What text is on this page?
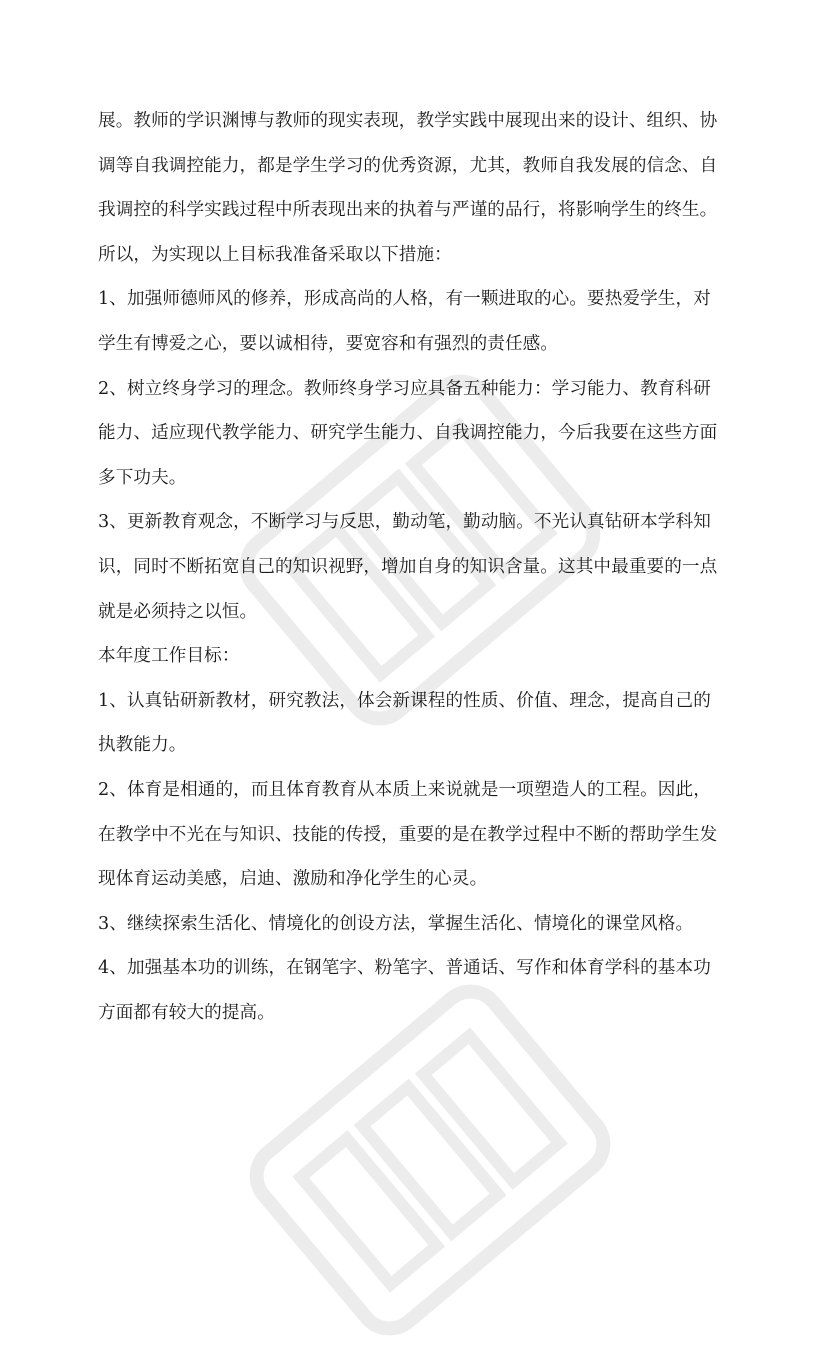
展。教师的学识渊博与教师的现实表现，教学实践中展现出来的设计、组织、协
调等自我调控能力，都是学生学习的优秀资源，尤其，教师自我发展的信念、自
我调控的科学实践过程中所表现出来的执着与严谨的品行，将影响学生的终生。
所以，为实现以上目标我准备采取以下措施：
1、加强师德师风的修养，形成高尚的人格，有一颗进取的心。要热爱学生，对
学生有博爱之心，要以诚相待，要宽容和有强烈的责任感。
2、树立终身学习的理念。教师终身学习应具备五种能力：学习能力、教育科研
能力、适应现代教学能力、研究学生能力、自我调控能力，今后我要在这些方面
多下功夫。
3、更新教育观念，不断学习与反思，勤动笔，勤动脑。不光认真钻研本学科知
识，同时不断拓宽自己的知识视野，增加自身的知识含量。这其中最重要的一点
就是必须持之以恒。
本年度工作目标：
1、认真钻研新教材，研究教法，体会新课程的性质、价值、理念，提高自己的
执教能力。
2、体育是相通的，而且体育教育从本质上来说就是一项塑造人的工程。因此，
在教学中不光在与知识、技能的传授，重要的是在教学过程中不断的帮助学生发
现体育运动美感，启迪、激励和净化学生的心灵。
3、继续探索生活化、情境化的创设方法，掌握生活化、情境化的课堂风格。
4、加强基本功的训练，在钢笔字、粉笔字、普通话、写作和体育学科的基本功
方面都有较大的提高。
